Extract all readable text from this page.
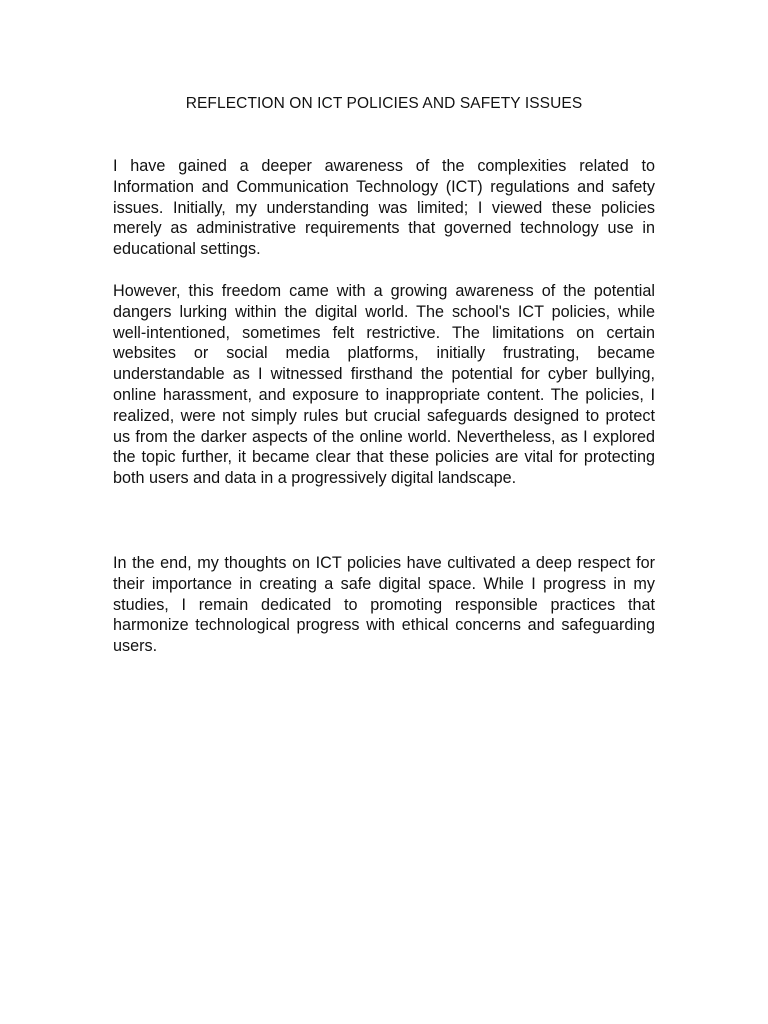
REFLECTION ON ICT POLICIES AND SAFETY ISSUES

I have gained a deeper awareness of the complexities related to Information and Communication Technology (ICT) regulations and safety issues. Initially, my understanding was limited; I viewed these policies merely as administrative requirements that governed technology use in educational settings.

However, this freedom came with a growing awareness of the potential dangers lurking within the digital world. The school's ICT policies, while well-intentioned, sometimes felt restrictive. The limitations on certain websites or social media platforms, initially frustrating, became understandable as I witnessed firsthand the potential for cyber bullying, online harassment, and exposure to inappropriate content. The policies, I realized, were not simply rules but crucial safeguards designed to protect us from the darker aspects of the online world. Nevertheless, as I explored the topic further, it became clear that these policies are vital for protecting both users and data in a progressively digital landscape.

In the end, my thoughts on ICT policies have cultivated a deep respect for their importance in creating a safe digital space. While I progress in my studies, I remain dedicated to promoting responsible practices that harmonize technological progress with ethical concerns and safeguarding users.
